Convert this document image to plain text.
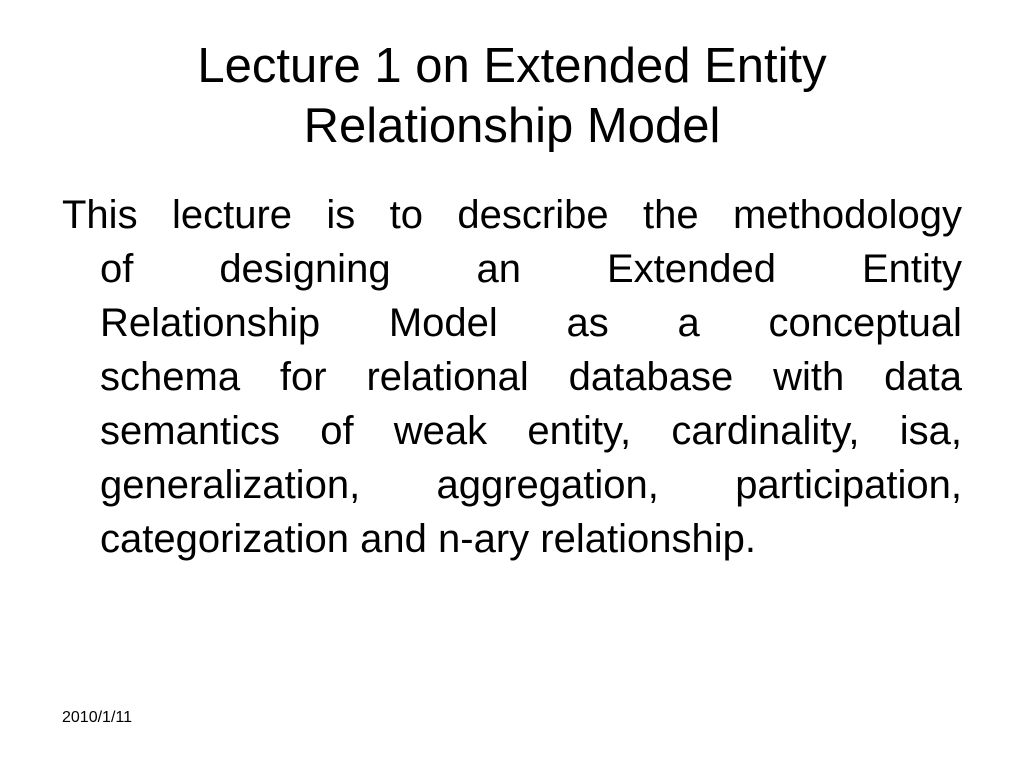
Lecture 1 on Extended Entity
Relationship Model
This lecture is to describe the methodology
of designing an Extended Entity
Relationship Model as a conceptual
schema for relational database with data
semantics of weak entity, cardinality, isa,
generalization, aggregation, participation,
categorization and n-ary relationship.
2010/1/11
